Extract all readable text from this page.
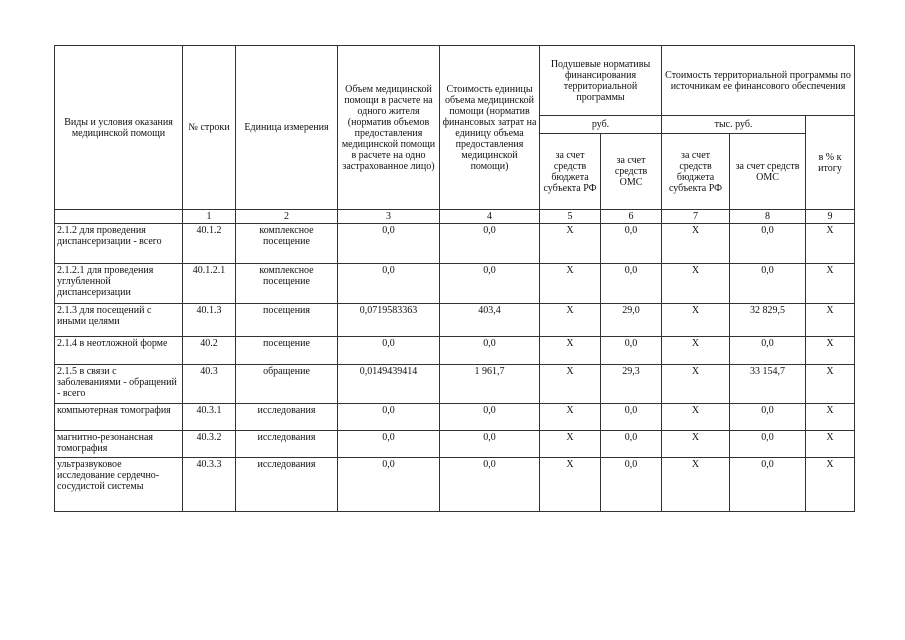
Виды и условия оказания медицинской помощи	№ строки	Единица измерения	Объем медицинской помощи в расчете на одного жителя (норматив объемов предоставления медицинской помощи в расчете на одно застрахованное лицо)	Стоимость единицы объема медицинской помощи (норматив финансовых затрат на единицу объема предоставления медицинской помощи)	Подушевые нормативы финансирования территориальной программы		Стоимость территориальной программы по источникам ее финансового обеспечения		
					руб.		тыс. руб.		в % к итогу
					за счет средств бюджета субъекта РФ	за счет средств ОМС	за счет средств бюджета субъекта РФ	за счет средств ОМС	
	1	2	3	4	5	6	7	8	9
2.1.2 для проведения диспансеризации - всего	40.1.2	комплексное посещение	0,0	0,0	Х	0,0	Х	0,0	Х
2.1.2.1 для проведения углубленной диспансеризации	40.1.2.1	комплексное посещение	0,0	0,0	Х	0,0	Х	0,0	Х
2.1.3 для посещений с иными целями	40.1.3	посещения	0,0719583363	403,4	Х	29,0	Х	32 829,5	Х
2.1.4 в неотложной форме	40.2	посещение	0,0	0,0	Х	0,0	Х	0,0	Х
2.1.5 в связи с заболеваниями - обращений - всего	40.3	обращение	0,0149439414	1 961,7	Х	29,3	Х	33 154,7	Х
компьютерная томография	40.3.1	исследования	0,0	0,0	Х	0,0	Х	0,0	Х
магнитно-резонансная томография	40.3.2	исследования	0,0	0,0	Х	0,0	Х	0,0	Х
ультразвуковое исследование сердечно-сосудистой системы	40.3.3	исследования	0,0	0,0	Х	0,0	Х	0,0	Х
